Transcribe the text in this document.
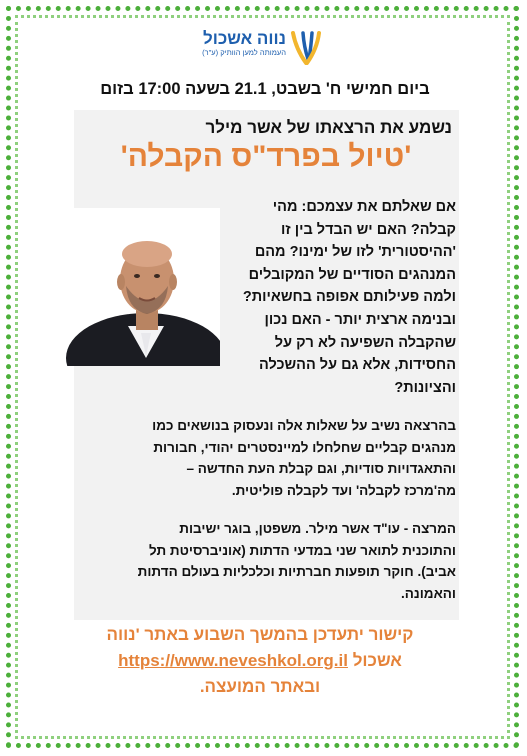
נווה אשכול
העמותה למען הוותיק (ע"ר)
ביום חמישי ח' בשבט, 21.1 בשעה 17:00 בזום
נשמע את הרצאתו של אשר מילר
'טיול בפרד"ס הקבלה'
אם שאלתם את עצמכם: מהי
קבלה? האם יש הבדל בין זו
'ההיסטורית' לזו של ימינו? מהם
המנהגים הסודיים של המקובלים
ולמה פעילותם אפופה בחשאיות?
ובנימה ארצית יותר - האם נכון
שהקבלה השפיעה לא רק על
החסידות, אלא גם על ההשכלה
והציונות?
בהרצאה נשיב על שאלות אלה ונעסוק בנושאים כמו
מנהגים קבליים שחלחלו למיינסטרים יהודי, חבורות
והתאגדויות סודיות, וגם קבלת העת החדשה –
מה'מרכז לקבלה' ועד לקבלה פוליטית.
המרצה - עו"ד אשר מילר. משפטן, בוגר ישיבות
והתוכנית לתואר שני במדעי הדתות (אוניברסיטת תל
אביב). חוקר תופעות חברתיות וכלכליות בעולם הדתות
והאמונה.
קישור יתעדכן בהמשך השבוע באתר 'נווה
אשכול https://www.neveshkol.org.il
ובאתר המועצה.
